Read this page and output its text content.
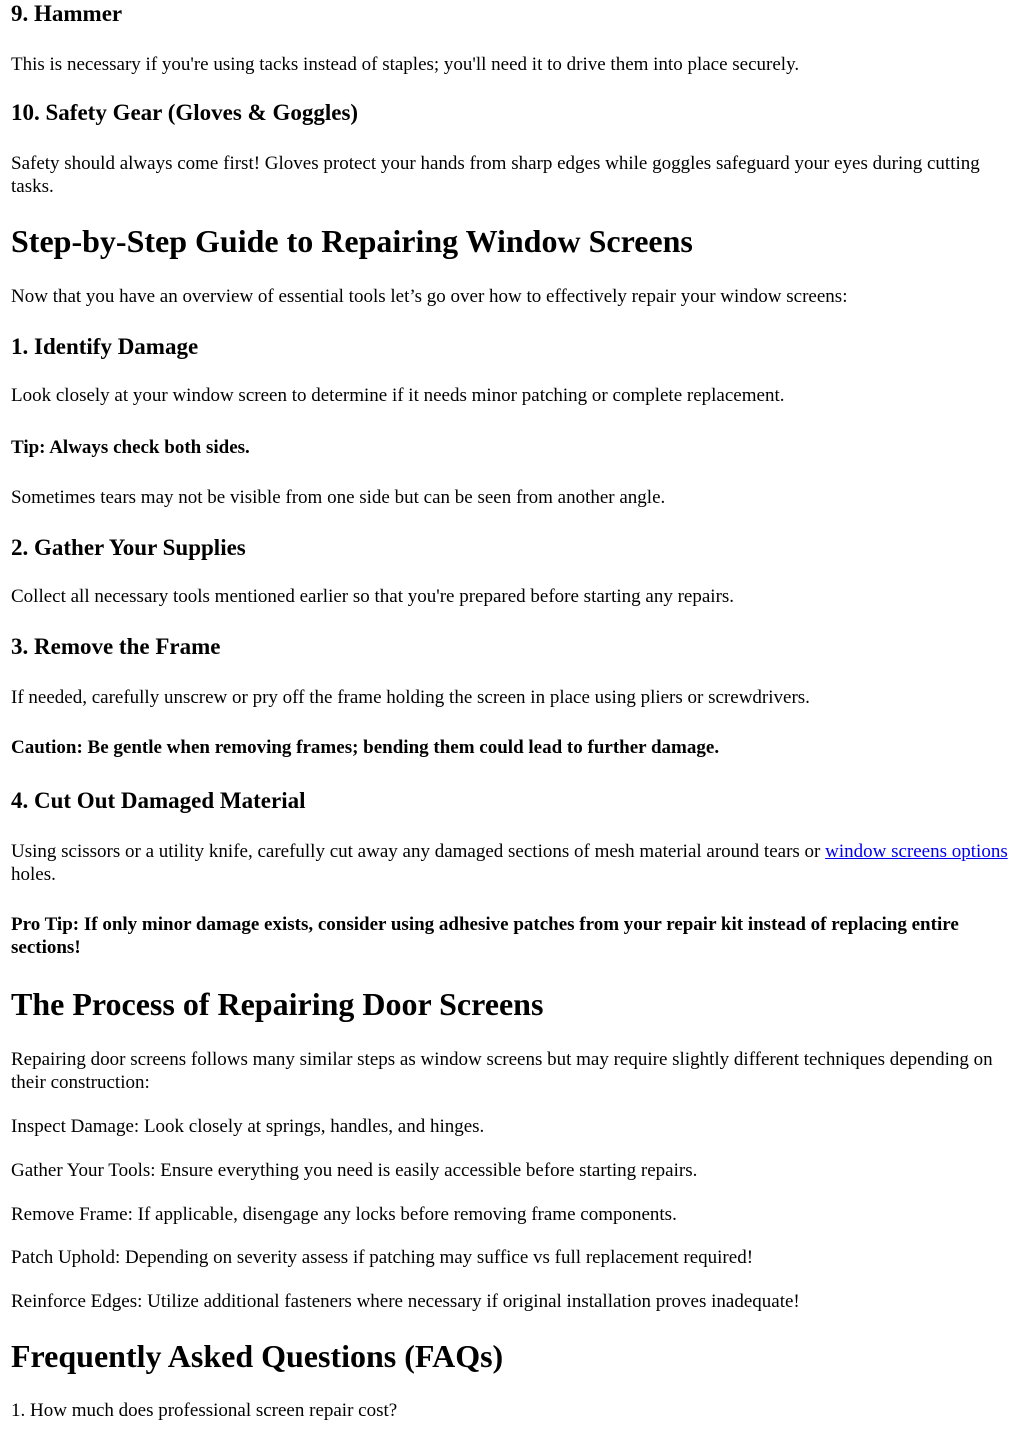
9. Hammer

This is necessary if you're using tacks instead of staples; you'll need it to drive them into place securely.

10. Safety Gear (Gloves & Goggles)

Safety should always come first! Gloves protect your hands from sharp edges while goggles safeguard your eyes during cutting tasks.

Step-by-Step Guide to Repairing Window Screens

Now that you have an overview of essential tools let’s go over how to effectively repair your window screens:

1. Identify Damage

Look closely at your window screen to determine if it needs minor patching or complete replacement.

Tip: Always check both sides.

Sometimes tears may not be visible from one side but can be seen from another angle.

2. Gather Your Supplies

Collect all necessary tools mentioned earlier so that you're prepared before starting any repairs.

3. Remove the Frame

If needed, carefully unscrew or pry off the frame holding the screen in place using pliers or screwdrivers.

Caution: Be gentle when removing frames; bending them could lead to further damage.

4. Cut Out Damaged Material

Using scissors or a utility knife, carefully cut away any damaged sections of mesh material around tears or window screens options holes.

Pro Tip: If only minor damage exists, consider using adhesive patches from your repair kit instead of replacing entire sections!

The Process of Repairing Door Screens

Repairing door screens follows many similar steps as window screens but may require slightly different techniques depending on their construction:

Inspect Damage: Look closely at springs, handles, and hinges.

Gather Your Tools: Ensure everything you need is easily accessible before starting repairs.

Remove Frame: If applicable, disengage any locks before removing frame components.

Patch Uphold: Depending on severity assess if patching may suffice vs full replacement required!

Reinforce Edges: Utilize additional fasteners where necessary if original installation proves inadequate!

Frequently Asked Questions (FAQs)

1. How much does professional screen repair cost?
